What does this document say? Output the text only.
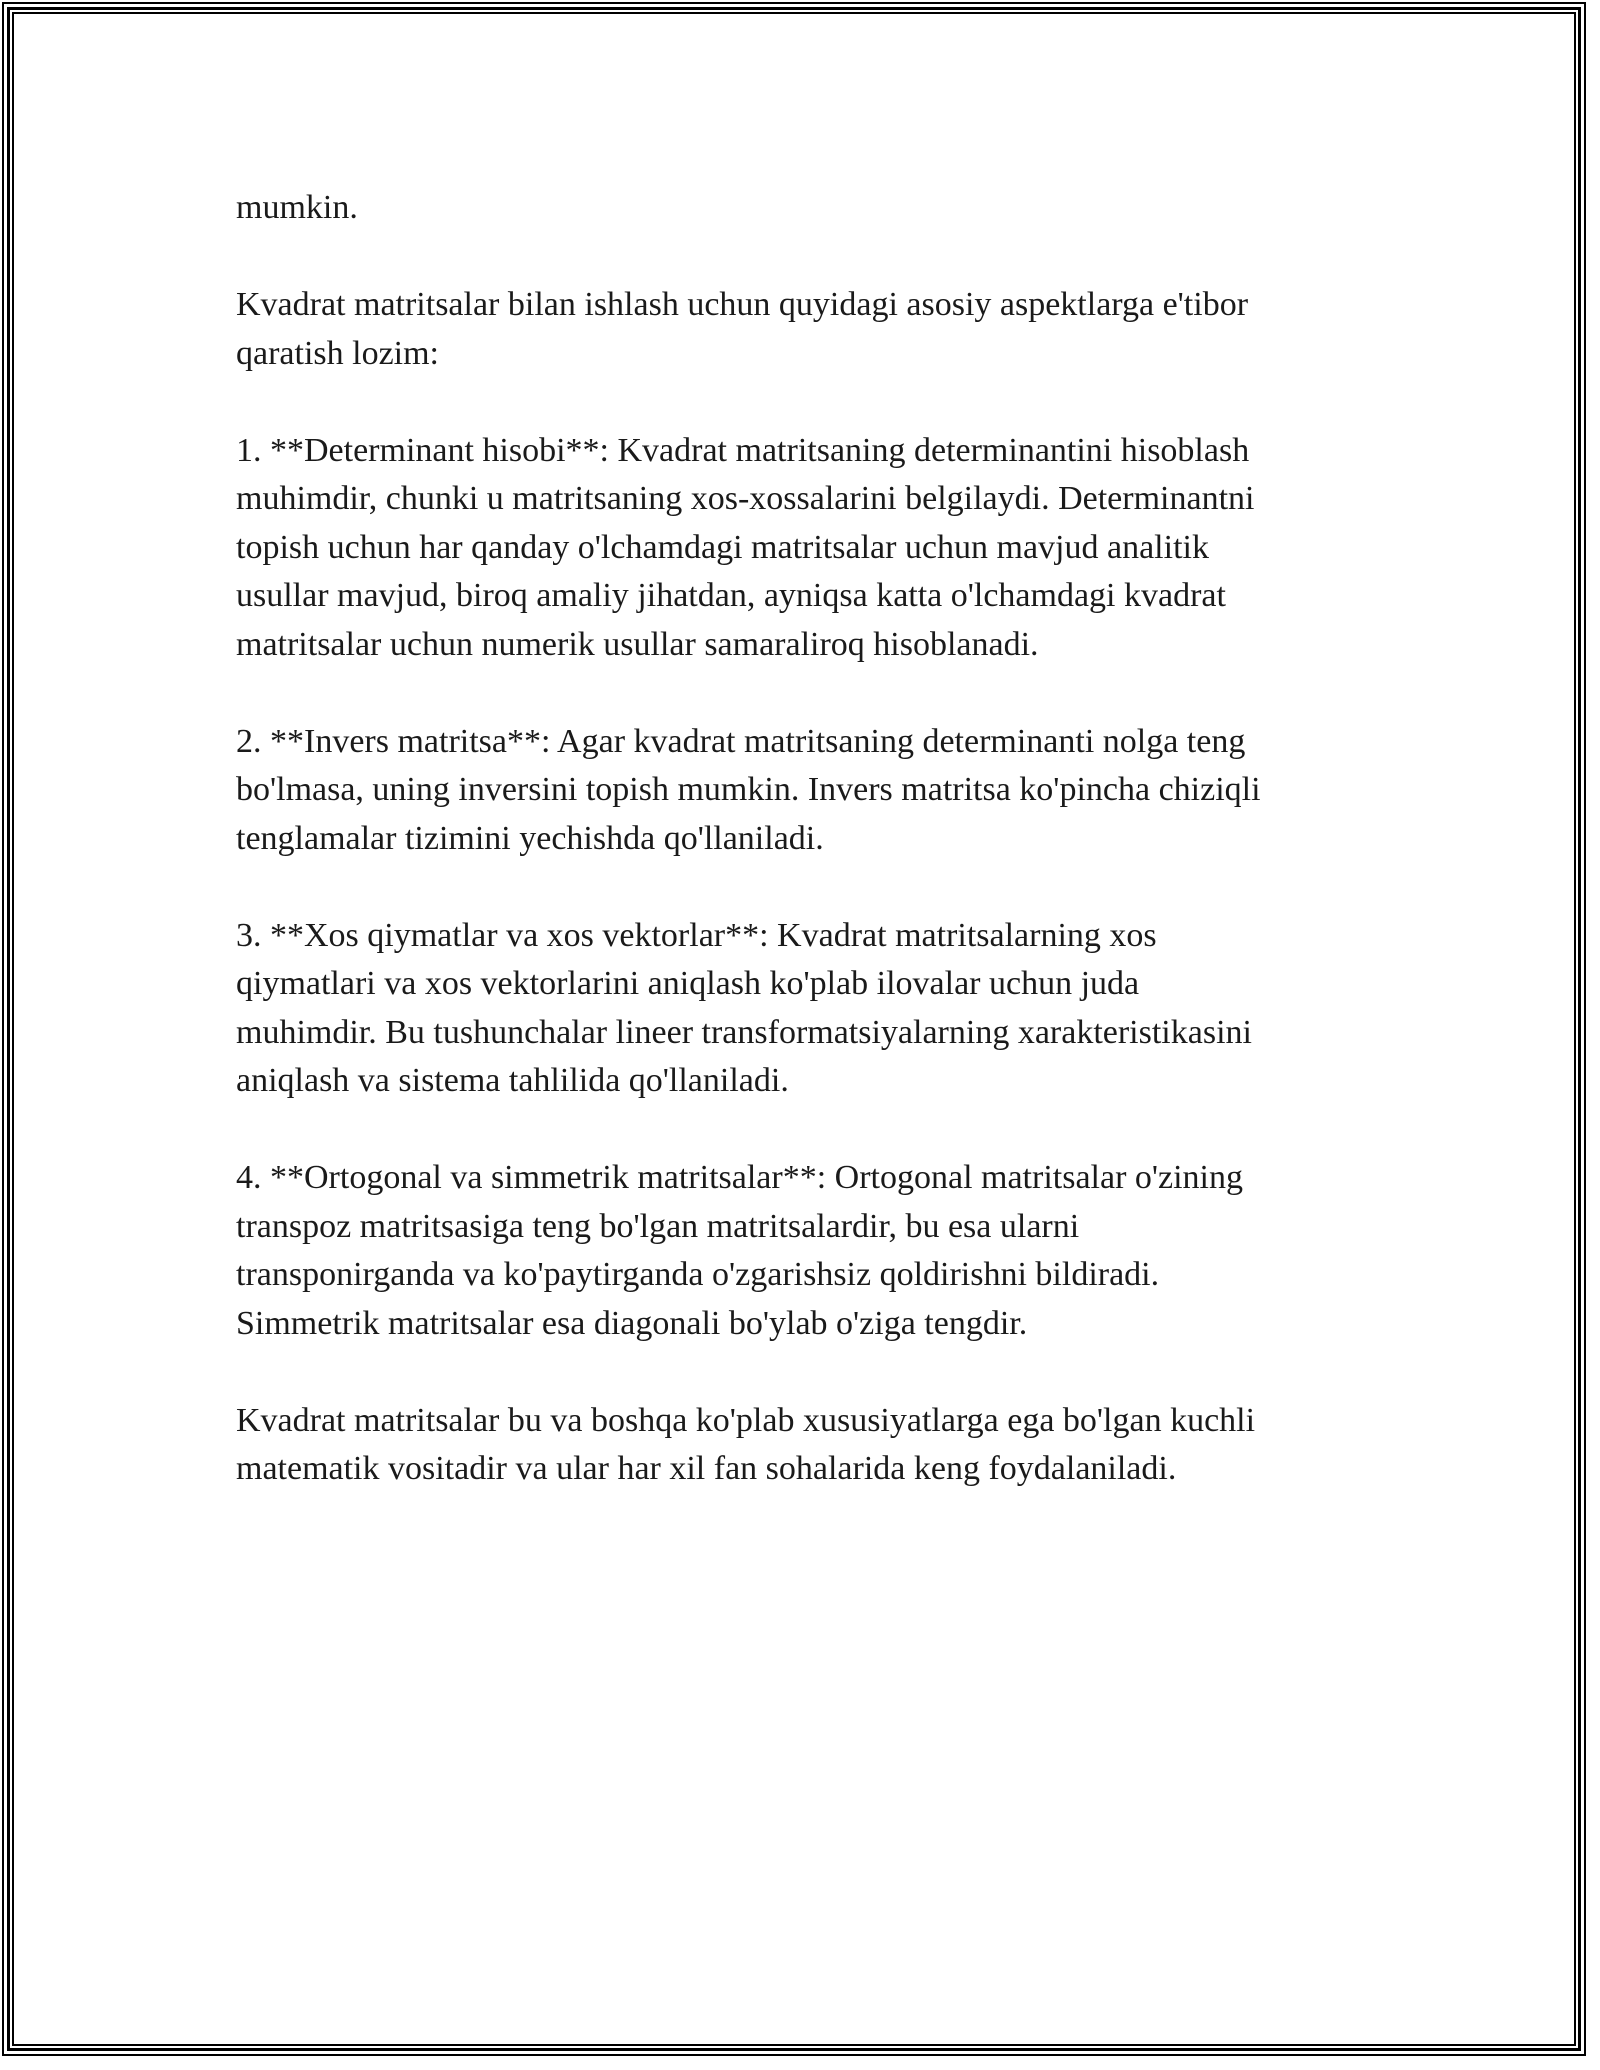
mumkin.

Kvadrat matritsalar bilan ishlash uchun quyidagi asosiy aspektlarga e'tibor
qaratish lozim:

1. **Determinant hisobi**: Kvadrat matritsaning determinantini hisoblash
muhimdir, chunki u matritsaning xos-xossalarini belgilaydi. Determinantni
topish uchun har qanday o'lchamdagi matritsalar uchun mavjud analitik
usullar mavjud, biroq amaliy jihatdan, ayniqsa katta o'lchamdagi kvadrat
matritsalar uchun numerik usullar samaraliroq hisoblanadi.

2. **Invers matritsa**: Agar kvadrat matritsaning determinanti nolga teng
bo'lmasa, uning inversini topish mumkin. Invers matritsa ko'pincha chiziqli
tenglamalar tizimini yechishda qo'llaniladi.

3. **Xos qiymatlar va xos vektorlar**: Kvadrat matritsalarning xos
qiymatlari va xos vektorlarini aniqlash ko'plab ilovalar uchun juda
muhimdir. Bu tushunchalar lineer transformatsiyalarning xarakteristikasini
aniqlash va sistema tahlilida qo'llaniladi.

4. **Ortogonal va simmetrik matritsalar**: Ortogonal matritsalar o'zining
transpoz matritsasiga teng bo'lgan matritsalardir, bu esa ularni
transponirganda va ko'paytirganda o'zgarishsiz qoldirishni bildiradi.
Simmetrik matritsalar esa diagonali bo'ylab o'ziga tengdir.

Kvadrat matritsalar bu va boshqa ko'plab xususiyatlarga ega bo'lgan kuchli
matematik vositadir va ular har xil fan sohalarida keng foydalaniladi.
